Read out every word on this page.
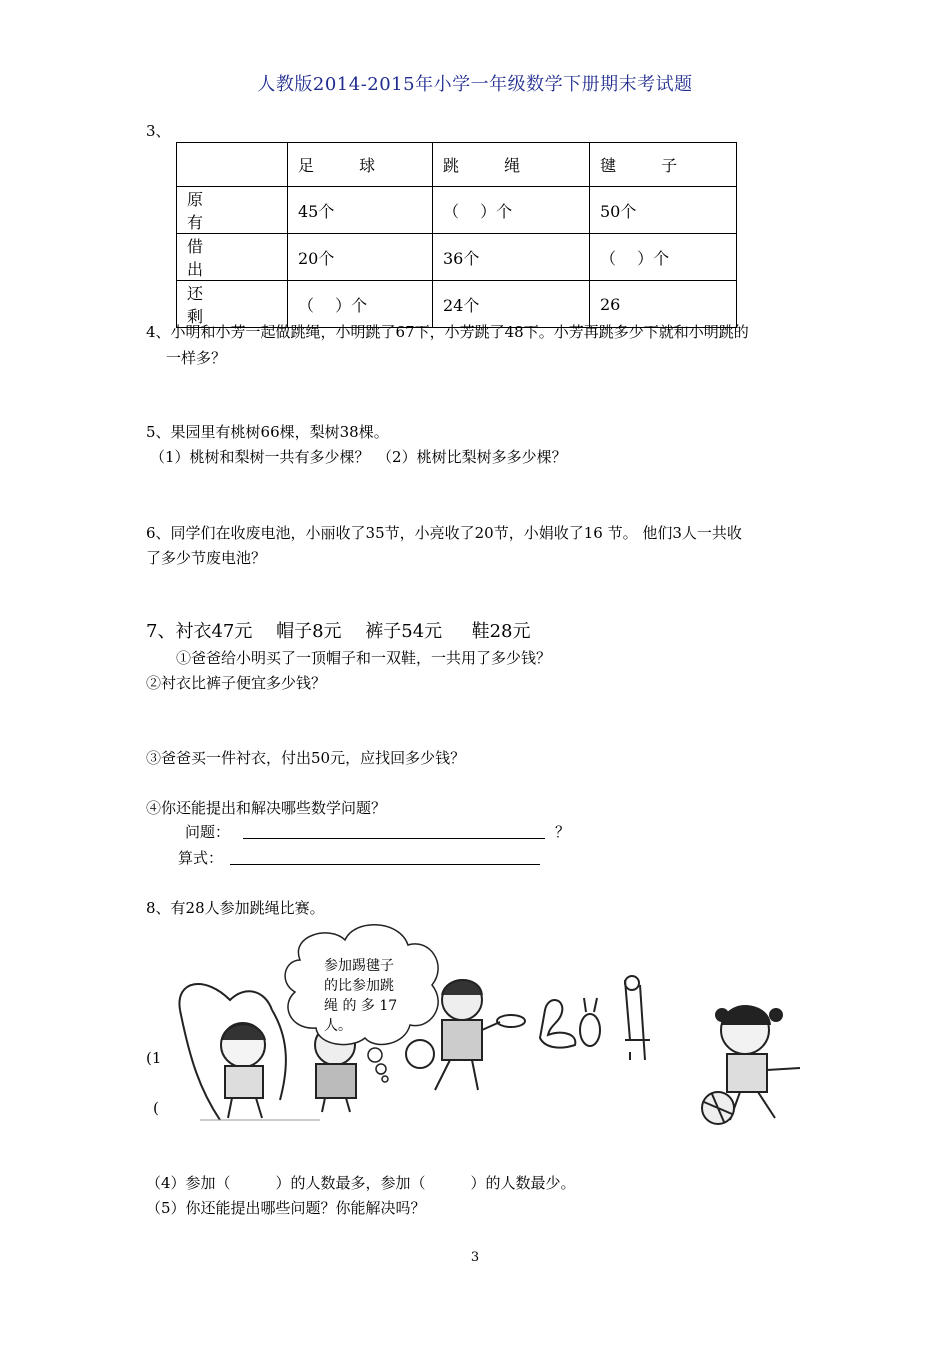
人教版2014-2015年小学一年级数学下册期末考试题
3、
	足 球	跳 绳	毽 子
原 有	45个	（　 ）个	50个
借 出	20个	36个	（　 ）个
还 剩	（　 ）个	24个	26
4、小明和小芳一起做跳绳，小明跳了67下，小芳跳了48下。小芳再跳多少下就和小明跳的
一样多？
5、果园里有桃树66棵，梨树38棵。
（1）桃树和梨树一共有多少棵？　（2）桃树比梨树多多少棵？
6、同学们在收废电池，小丽收了35节，小亮收了20节，小娟收了16 节。 他们3人一共收
了多少节废电池？
7、衬衣47元　 帽子8元　 裤子54元 　 鞋28元
①爸爸给小明买了一顶帽子和一双鞋，一共用了多少钱？
②衬衣比裤子便宜多少钱？
③爸爸买一件衬衣，付出50元，应找回多少钱？
④你还能提出和解决哪些数学问题？
问题：	？
算式：
8、有28人参加跳绳比赛。
(1
(
参加踢毽子
的比参加跳
绳 的 多 17
人。
（4）参加（　　　）的人数最多，参加（　　　）的人数最少。
（5）你还能提出哪些问题？你能解决吗？
3
